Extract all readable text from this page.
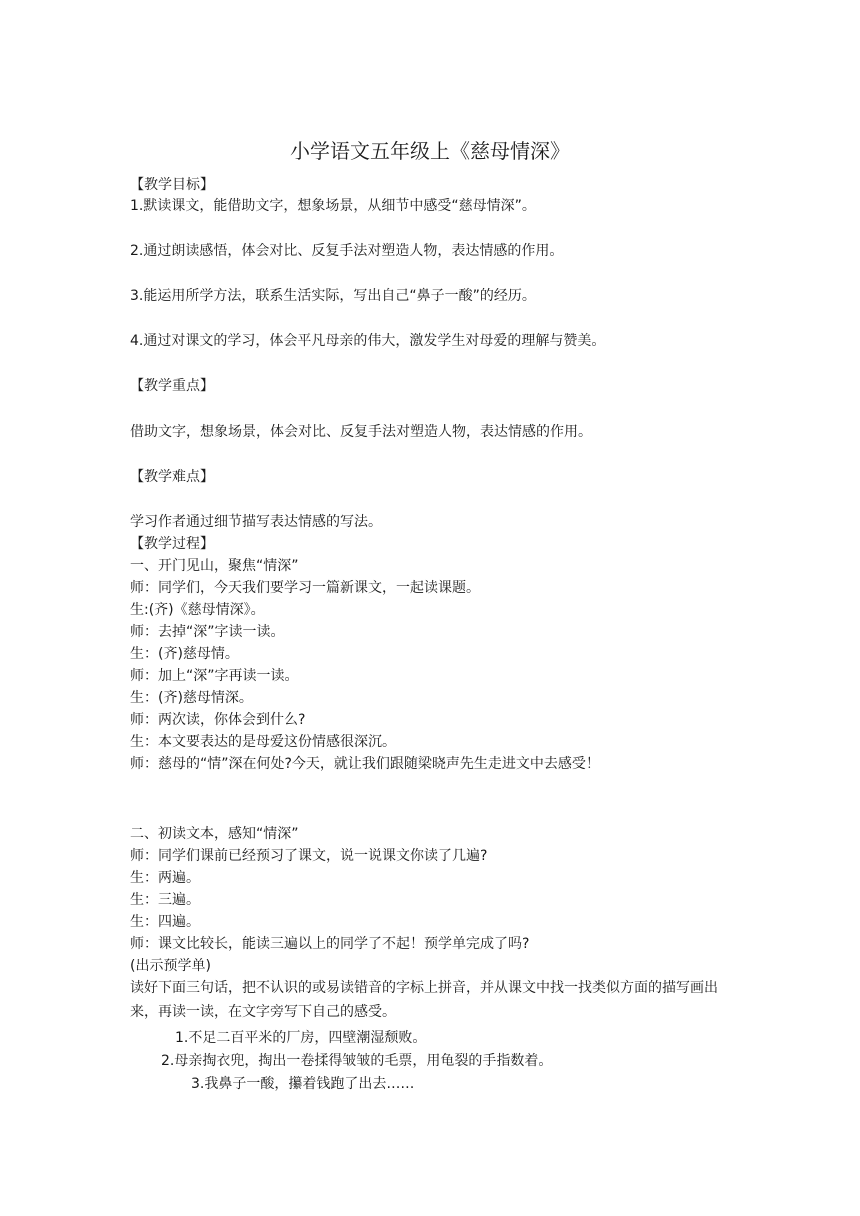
小学语文五年级上《慈母情深》
【教学目标】
1.默读课文，能借助文字，想象场景，从细节中感受“慈母情深”。
2.通过朗读感悟，体会对比、反复手法对塑造人物，表达情感的作用。
3.能运用所学方法，联系生活实际，写出自己“鼻子一酸”的经历。
4.通过对课文的学习，体会平凡母亲的伟大，激发学生对母爱的理解与赞美。
【教学重点】
借助文字，想象场景，体会对比、反复手法对塑造人物，表达情感的作用。
【教学难点】
学习作者通过细节描写表达情感的写法。
【教学过程】
一、开门见山，聚焦“情深”
师：同学们，今天我们要学习一篇新课文，一起读课题。
生:(齐)《慈母情深》。
师：去掉“深”字读一读。
生：(齐)慈母情。
师：加上“深”字再读一读。
生：(齐)慈母情深。
师：两次读，你体会到什么?
生：本文要表达的是母爱这份情感很深沉。
师：慈母的“情”深在何处?今天，就让我们跟随梁晓声先生走进文中去感受！
二、初读文本，感知“情深”
师：同学们课前已经预习了课文，说一说课文你读了几遍?
生：两遍。
生：三遍。
生：四遍。
师：课文比较长，能读三遍以上的同学了不起！预学单完成了吗?
(出示预学单)
读好下面三句话，把不认识的或易读错音的字标上拼音，并从课文中找一找类似方面的描写画出来，再读一读，在文字旁写下自己的感受。
1.不足二百平米的厂房，四壁潮湿颓败。
2.母亲掏衣兜，掏出一卷揉得皱皱的毛票，用龟裂的手指数着。
3.我鼻子一酸，攥着钱跑了出去……
